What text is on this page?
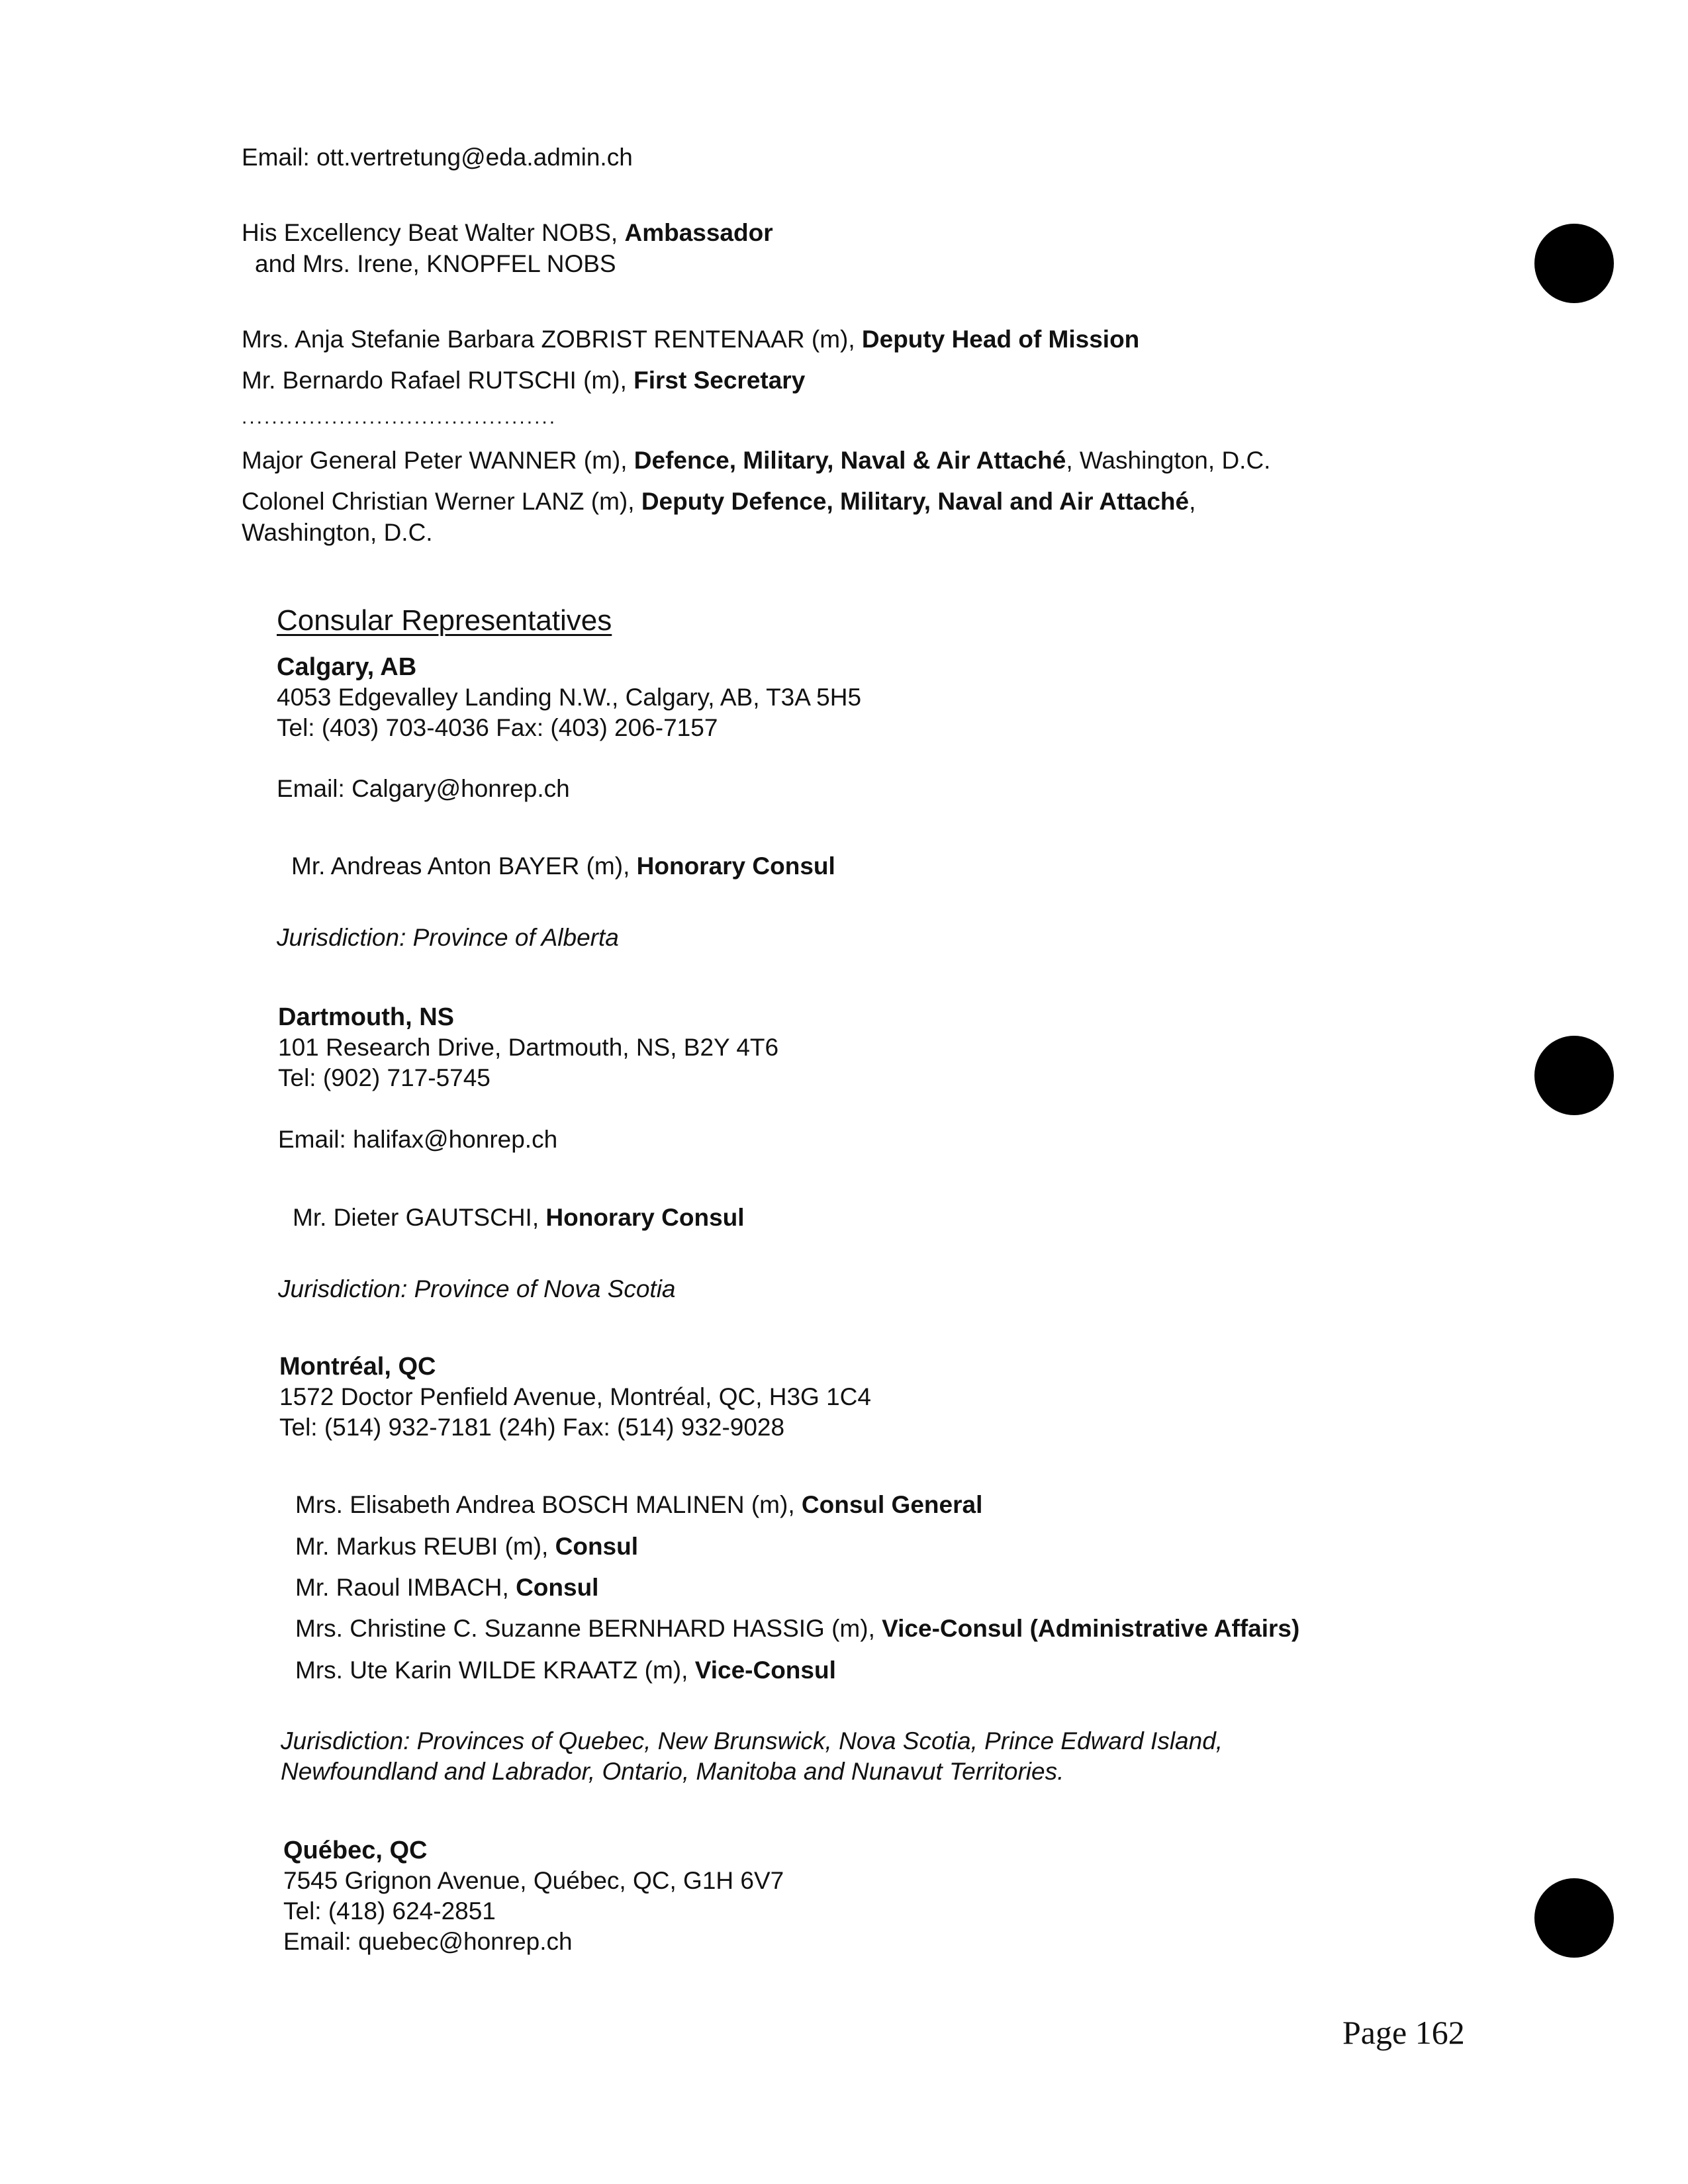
Email: ott.vertretung@eda.admin.ch
His Excellency Beat Walter NOBS, Ambassador
and Mrs. Irene, KNOPFEL NOBS
Mrs. Anja Stefanie Barbara ZOBRIST RENTENAAR (m), Deputy Head of Mission
Mr. Bernardo Rafael RUTSCHI (m), First Secretary
..........................................
Major General Peter WANNER (m), Defence, Military, Naval & Air Attaché, Washington, D.C.
Colonel Christian Werner LANZ (m), Deputy Defence, Military, Naval and Air Attaché,
Washington, D.C.
Consular Representatives
Calgary, AB
4053 Edgevalley Landing N.W., Calgary, AB, T3A 5H5
Tel: (403) 703-4036 Fax: (403) 206-7157
Email: Calgary@honrep.ch
Mr. Andreas Anton BAYER (m), Honorary Consul
Jurisdiction: Province of Alberta
Dartmouth, NS
101 Research Drive, Dartmouth, NS, B2Y 4T6
Tel: (902) 717-5745
Email: halifax@honrep.ch
Mr. Dieter GAUTSCHI, Honorary Consul
Jurisdiction: Province of Nova Scotia
Montréal, QC
1572 Doctor Penfield Avenue, Montréal, QC, H3G 1C4
Tel: (514) 932-7181 (24h) Fax: (514) 932-9028
Mrs. Elisabeth Andrea BOSCH MALINEN (m), Consul General
Mr. Markus REUBI (m), Consul
Mr. Raoul IMBACH, Consul
Mrs. Christine C. Suzanne BERNHARD HASSIG (m), Vice-Consul (Administrative Affairs)
Mrs. Ute Karin WILDE KRAATZ (m), Vice-Consul
Jurisdiction: Provinces of Quebec, New Brunswick, Nova Scotia, Prince Edward Island,
Newfoundland and Labrador, Ontario, Manitoba and Nunavut Territories.
Québec, QC
7545 Grignon Avenue, Québec, QC, G1H 6V7
Tel: (418) 624-2851
Email: quebec@honrep.ch
Page 162
